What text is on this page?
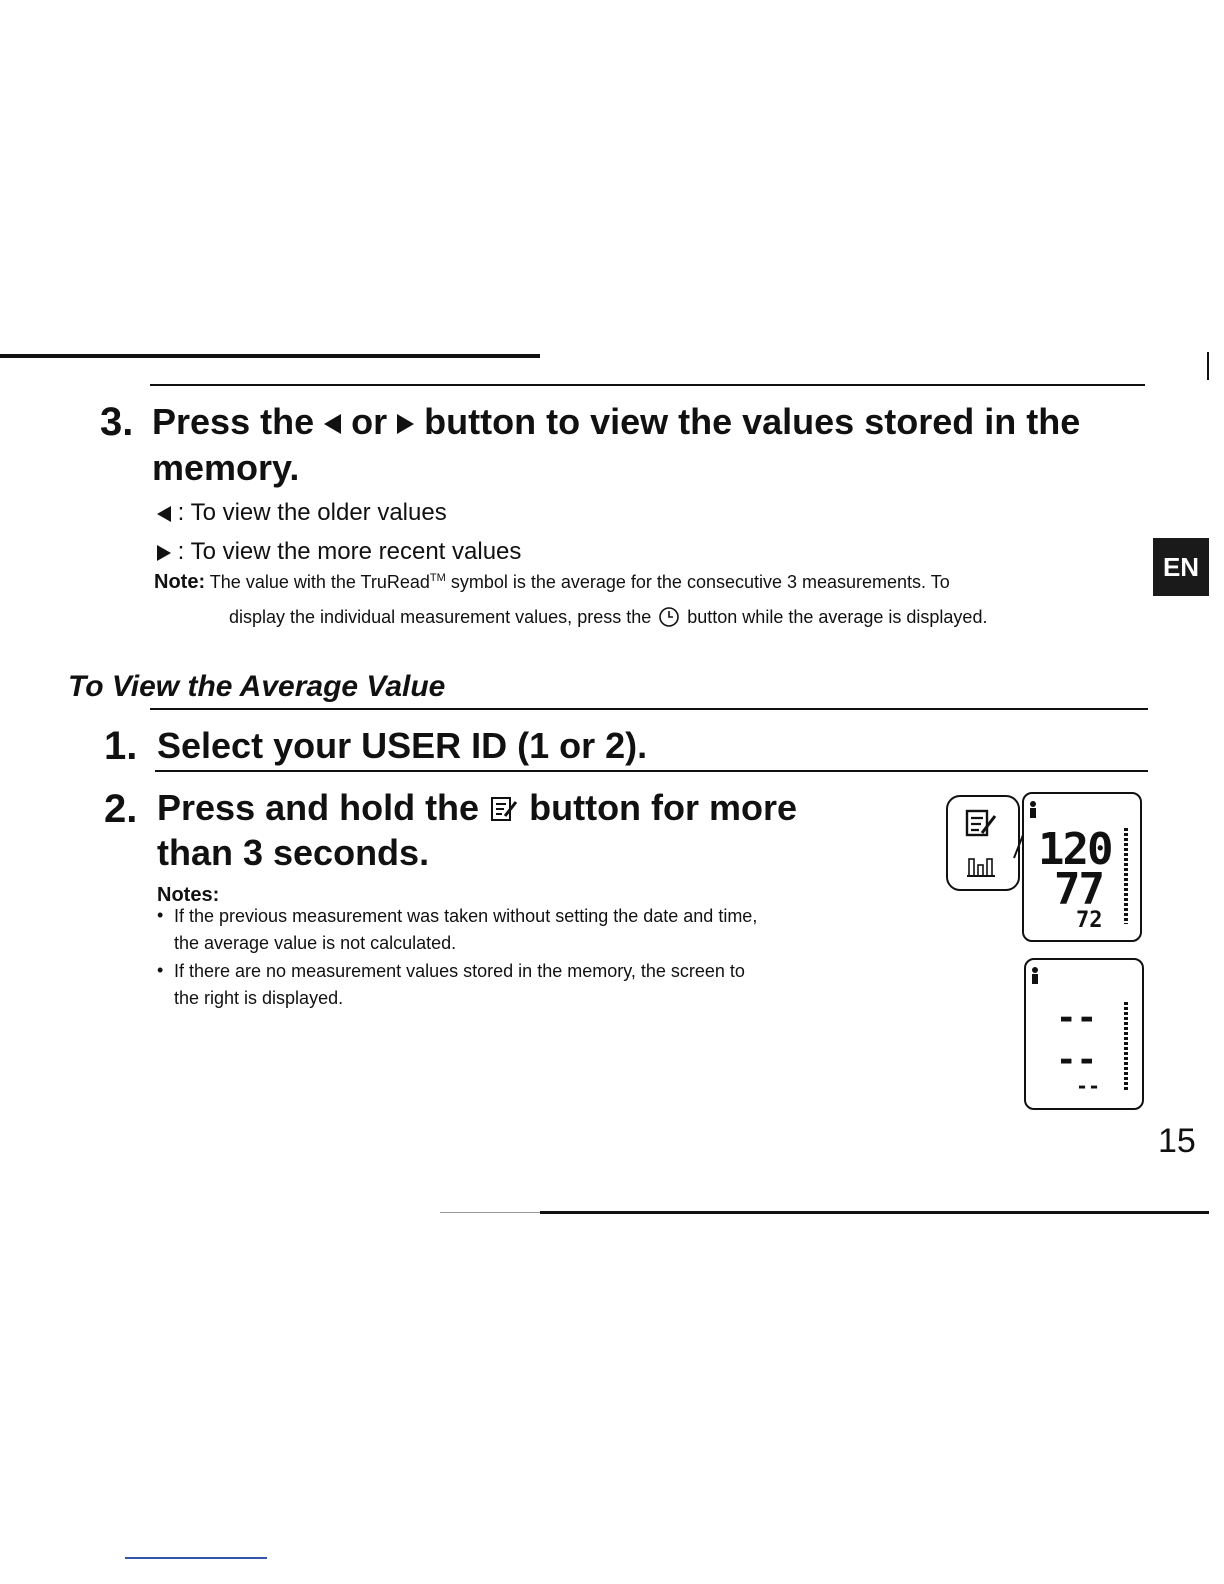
3. Press the or button to view the values stored in the
memory.
: To view the older values
: To view the more recent values
Note: The value with the TruRead™ symbol is the average for the consecutive 3 measurements. To
display the individual measurement values, press the button while the average is displayed.
EN
To View the Average Value
1. Select your USER ID (1 or 2).
2. Press and hold the button for more
than 3 seconds.
Notes:
• If the previous measurement was taken without setting the date and time,
the average value is not calculated.
• If there are no measurement values stored in the memory, the screen to
the right is displayed.
120
77
72
--
--
--
15
